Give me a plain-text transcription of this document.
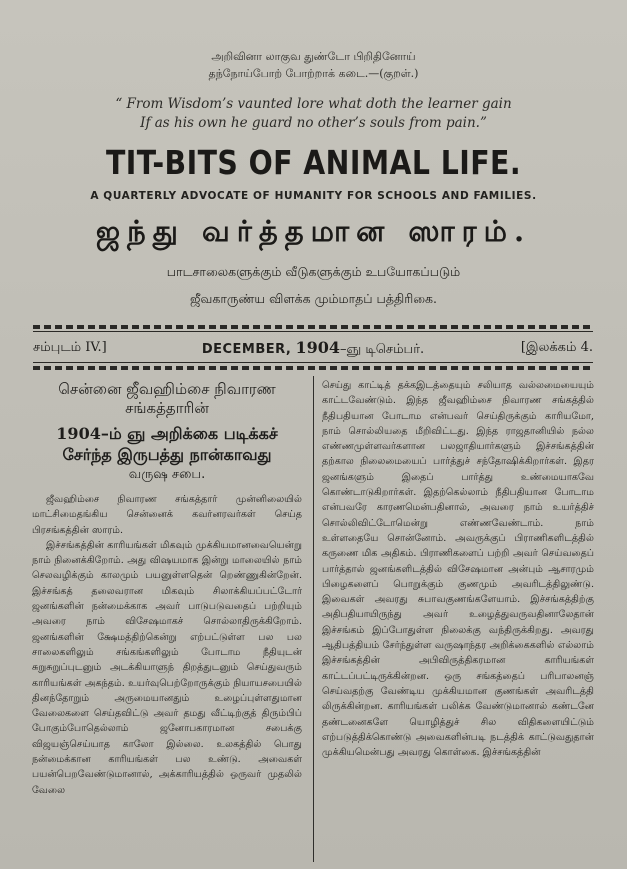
அறிவினா லாகுவ துண்டோ பிறிதினோய்
தந்நோய்போற் போற்றாக் கடை.—(குறள்.)
“ From Wisdom’s vaunted lore what doth the learner gain
If as his own he guard no other’s souls from pain.”
TIT-BITS OF ANIMAL LIFE.
A QUARTERLY ADVOCATE OF HUMANITY FOR SCHOOLS AND FAMILIES.
ஜந்து வர்த்தமான ஸாரம்.
பாடசாலைகளுக்கும் வீடுகளுக்கும் உபயோகப்படும்
ஜீவகாருண்ய விளக்க மும்மாதப் பத்திரிகை.
சம்புடம் IV.]	DECEMBER, 1904–ஞு டிசெம்பர்.	[இலக்கம் 4.
சென்னை ஜீவஹிம்சை நிவாரண
சங்கத்தாரின்
1904–ம் ஞு அறிக்கை படிக்கச்
சேர்ந்த இருபத்து நான்காவது
வருஷ சபை.

ஜீவஹிம்சை நிவாரண சங்கத்தார் முன்னிலையில் மாட்சிமைதங்கிய சென்னைக் கவர்னரவர்கள் செய்த பிரசங்கத்தின் ஸாரம்.

இச்சங்கத்தின் காரியங்கள் மிகவும் முக்கியமானவையென்று நாம் நினைக்கிறோம். அது விஷயமாக இன்று மாலையில் நாம் செலவழிக்கும் காலமும் பயனுள்ளதென் றெண்ணுகின்றேன். இச்சங்கத் தலைவரான மிகவும் சிலாக்கியப்பட்டோர் ஜனங்களின் நன்மைக்காக அவர் பாடுபடுவதைப் பற்றியும் அவரை நாம் விசேஷமாகச் சொல்லாதிருக்கிறோம். ஜனங்களின் க்ஷேமத்திற்கென்று எற்பட்டுள்ள பல பல சாலைகளிலும் சங்கங்களிலும் போடாம நீதியுடன் சுறுசுறுப்புடனும் அடக்கியாளுந் திறத்துடனும் செய்துவரும் காரியங்கள் அகந்தம். உயர்வுபெற்றோருக்கும் நியாயசபையில் தினந்தோறும் அருமையானதும் உழைப்புள்ளதுமான வேலைகளை செய்தவிட்டு அவர் தமது வீட்டிற்குத் திரும்பிப் போகும்போதெல்லாம் ஜனோபகாரமான சபைக்கு விஜயஞ்செய்யாத காலோ இல்லை. உலகத்தில் பொது நன்மைக்கான காரியங்கள் பல உண்டு. அவைகள் பயன்பெறவேண்டுமானால், அக்காரியத்தில் ஒருவர் முதலில் வேலை

செய்து காட்டித் தக்கஇடத்தையும் சலியாத வல்லமையையும் காட்டவேண்டும். இந்த ஜீவஹிம்சை நிவாரண சங்கத்தில் நீதிபதியான போடாம என்பவர் செய்திருக்கும் காரியமோ, நாம் சொல்லியதை மீறிவிட்டது. இந்த ராஜதானியில் நல்ல எண்ணமுள்ளவர்களான பலஜாதியார்களும் இச்சங்கத்தின் தற்கால நிலைமையைப் பார்த்துச் சந்தோஷிக்கிறார்கள். இதர ஜனங்களும் இதைப் பார்த்து உண்மையாகவே கொண்டாடுகிறார்கள். இதற்கெல்லாம் நீதிபதியான போடாம என்பவரே காரணமென்பதினால், அவரை நாம் உயர்த்திச் சொல்லிவிட்டோமென்று எண்ணவேண்டாம். நாம் உள்ளதையே சொன்னோம். அவருக்குப் பிராணிகளிடத்தில் கருணை மிக அதிகம். பிராணிகளைப் பற்றி அவர் செய்வதைப் பார்த்தால் ஜனங்களிடத்தில் விசேஷமான அன்பும் ஆசாரமும் பிழைகளைப் பொறுக்கும் குணமும் அவரிடத்திலுண்டு. இவைகள் அவரது சுபாவகுணங்களேயாம். இச்சங்கத்திற்கு அதிபதியாயிருந்து அவர் உழைத்துவருவதினாலேதான் இச்சங்கம் இப்போதுள்ள நிலைக்கு வந்திருக்கிறது. அவரது ஆதிபத்தியம் சேர்ந்துள்ள வருஷாந்தர அறிக்கைகளில் எல்லாம் இச்சங்கத்தின் அபிவிருத்திகரமான காரியங்கள் காட்டப்பட்டிருக்கின்றன. ஒரு சங்கத்தைப் பரிபாலனஞ் செய்வதற்கு வேண்டிய முக்கியமான குணங்கள் அவரிடத்தி லிருக்கின்றன. காரியங்கள் பலிக்க வேண்டுமானால் கண்டனே தண்டனைகளே யொழித்துச் சில விதிகளையிட்டும் எற்படுத்திக்கொண்டு அவைகளின்படி நடத்திக் காட்டுவதுதான் முக்கியமென்பது அவரது கொள்கை. இச்சங்கத்தின்
